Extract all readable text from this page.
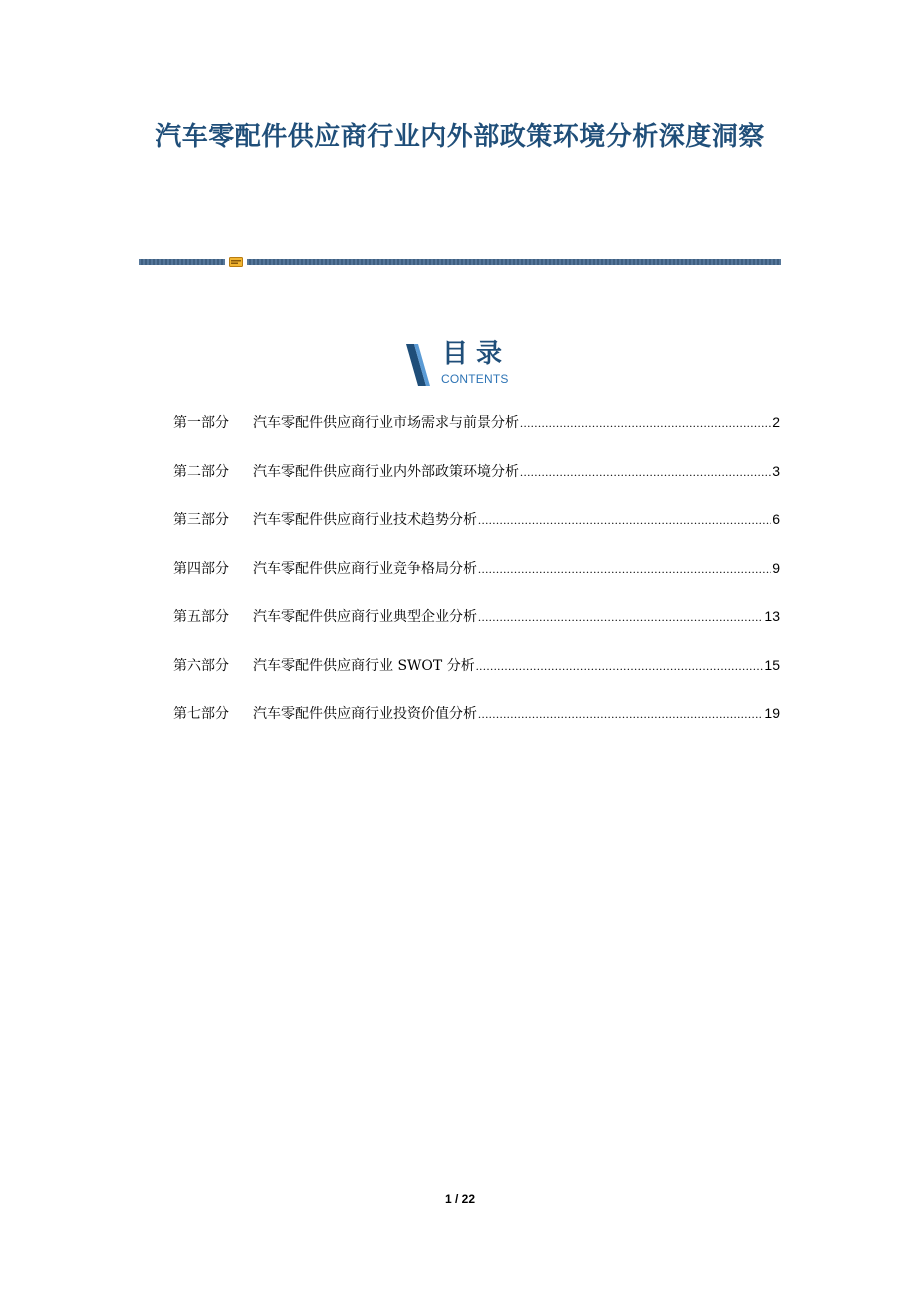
汽车零配件供应商行业内外部政策环境分析深度洞察
目录
CONTENTS
第一部分	汽车零配件供应商行业市场需求与前景分析 .....	2
第二部分	汽车零配件供应商行业内外部政策环境分析 .....	3
第三部分	汽车零配件供应商行业技术趋势分析 .....	6
第四部分	汽车零配件供应商行业竞争格局分析 .....	9
第五部分	汽车零配件供应商行业典型企业分析 .....	13
第六部分	汽车零配件供应商行业 SWOT 分析 .....	15
第七部分	汽车零配件供应商行业投资价值分析 .....	19
1 / 22
